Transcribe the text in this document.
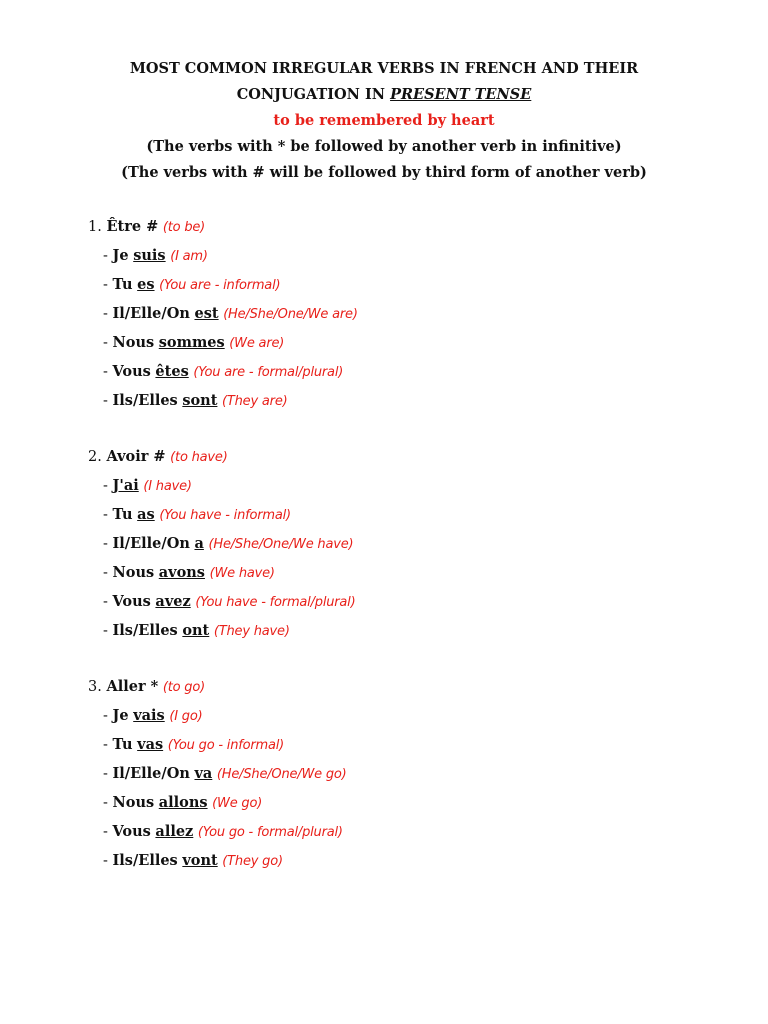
MOST COMMON IRREGULAR VERBS IN FRENCH AND THEIR
CONJUGATION IN PRESENT TENSE
to be remembered by heart
(The verbs with * be followed by another verb in infinitive)
(The verbs with # will be followed by third form of another verb)
1. Être # (to be)
- Je suis (I am)
- Tu es (You are - informal)
- Il/Elle/On est (He/She/One/We are)
- Nous sommes (We are)
- Vous êtes (You are - formal/plural)
- Ils/Elles sont (They are)
2. Avoir # (to have)
- J'ai (I have)
- Tu as (You have - informal)
- Il/Elle/On a (He/She/One/We have)
- Nous avons (We have)
- Vous avez (You have - formal/plural)
- Ils/Elles ont (They have)
3. Aller * (to go)
- Je vais (I go)
- Tu vas (You go - informal)
- Il/Elle/On va (He/She/One/We go)
- Nous allons (We go)
- Vous allez (You go - formal/plural)
- Ils/Elles vont (They go)
